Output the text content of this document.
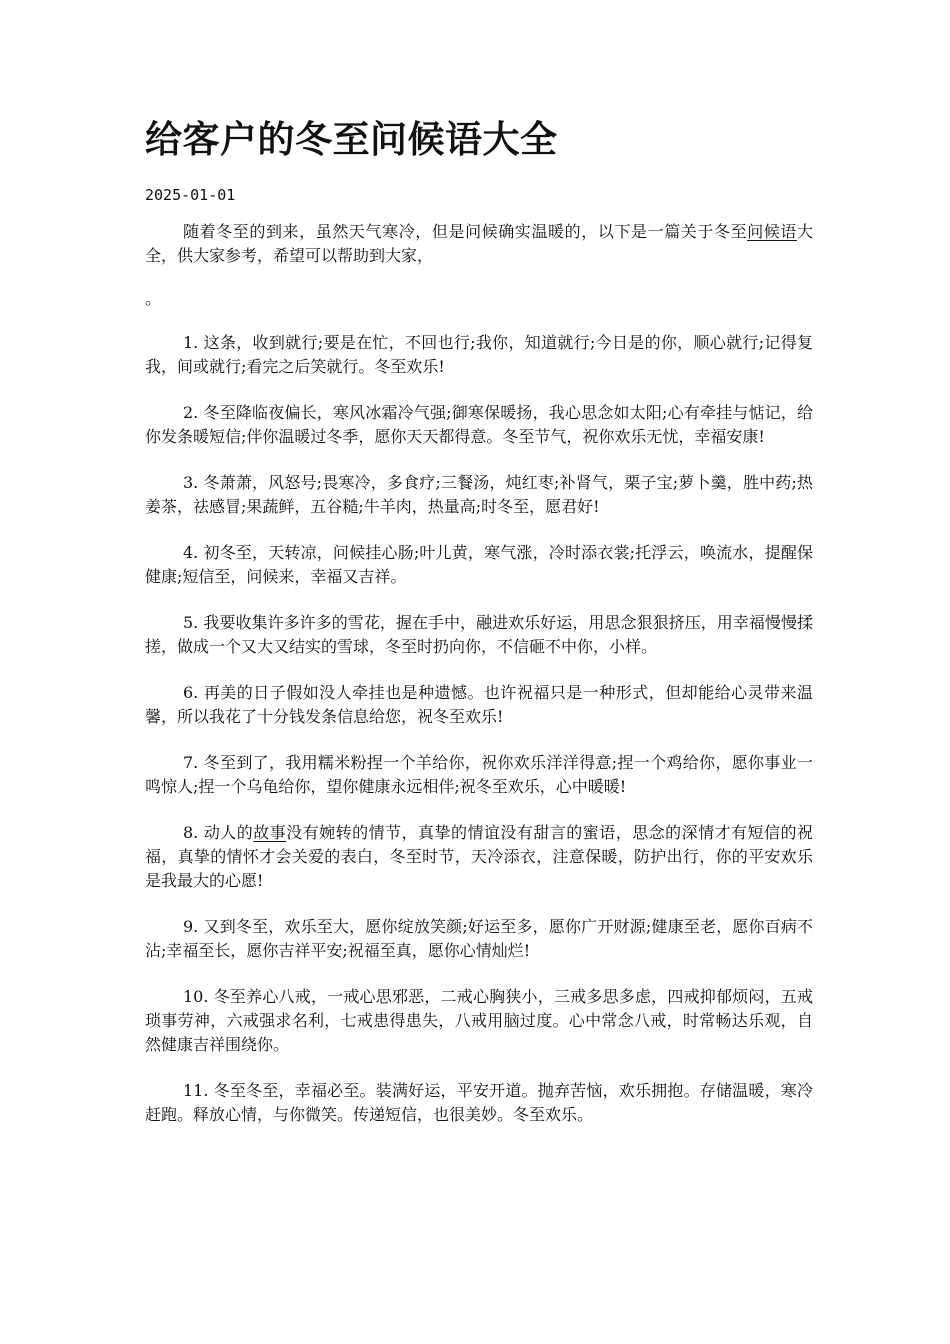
给客户的冬至问候语大全
2025-01-01

随着冬至的到来，虽然天气寒冷，但是问候确实温暖的，以下是一篇关于冬至问候语大全，供大家参考，希望可以帮助到大家，

。

1. 这条，收到就行;要是在忙，不回也行;我你，知道就行;今日是的你，顺心就行;记得复我，间或就行;看完之后笑就行。冬至欢乐!

2. 冬至降临夜偏长，寒风冰霜冷气强;御寒保暖扬，我心思念如太阳;心有牵挂与惦记，给你发条暖短信;伴你温暖过冬季，愿你天天都得意。冬至节气，祝你欢乐无忧，幸福安康!

3. 冬萧萧，风怒号;畏寒冷，多食疗;三餐汤，炖红枣;补肾气，栗子宝;萝卜羹，胜中药;热姜茶，祛感冒;果蔬鲜，五谷糙;牛羊肉，热量高;时冬至，愿君好!

4. 初冬至，天转凉，问候挂心肠;叶儿黄，寒气涨，冷时添衣裳;托浮云，唤流水，提醒保健康;短信至，问候来，幸福又吉祥。

5. 我要收集许多许多的雪花，握在手中，融进欢乐好运，用思念狠狠挤压，用幸福慢慢揉搓，做成一个又大又结实的雪球，冬至时扔向你，不信砸不中你，小样。

6. 再美的日子假如没人牵挂也是种遗憾。也许祝福只是一种形式，但却能给心灵带来温馨，所以我花了十分钱发条信息给您，祝冬至欢乐!

7. 冬至到了，我用糯米粉捏一个羊给你，祝你欢乐洋洋得意;捏一个鸡给你，愿你事业一鸣惊人;捏一个乌龟给你，望你健康永远相伴;祝冬至欢乐，心中暖暖!

8. 动人的故事没有婉转的情节，真挚的情谊没有甜言的蜜语，思念的深情才有短信的祝福，真挚的情怀才会关爱的表白，冬至时节，天冷添衣，注意保暖，防护出行，你的平安欢乐是我最大的心愿!

9. 又到冬至，欢乐至大，愿你绽放笑颜;好运至多，愿你广开财源;健康至老，愿你百病不沾;幸福至长，愿你吉祥平安;祝福至真，愿你心情灿烂!

10. 冬至养心八戒，一戒心思邪恶，二戒心胸狭小，三戒多思多虑，四戒抑郁烦闷，五戒琐事劳神，六戒强求名利，七戒患得患失，八戒用脑过度。心中常念八戒，时常畅达乐观，自然健康吉祥围绕你。

11. 冬至冬至，幸福必至。装满好运，平安开道。抛弃苦恼，欢乐拥抱。存储温暖，寒冷赶跑。释放心情，与你微笑。传递短信，也很美妙。冬至欢乐。
